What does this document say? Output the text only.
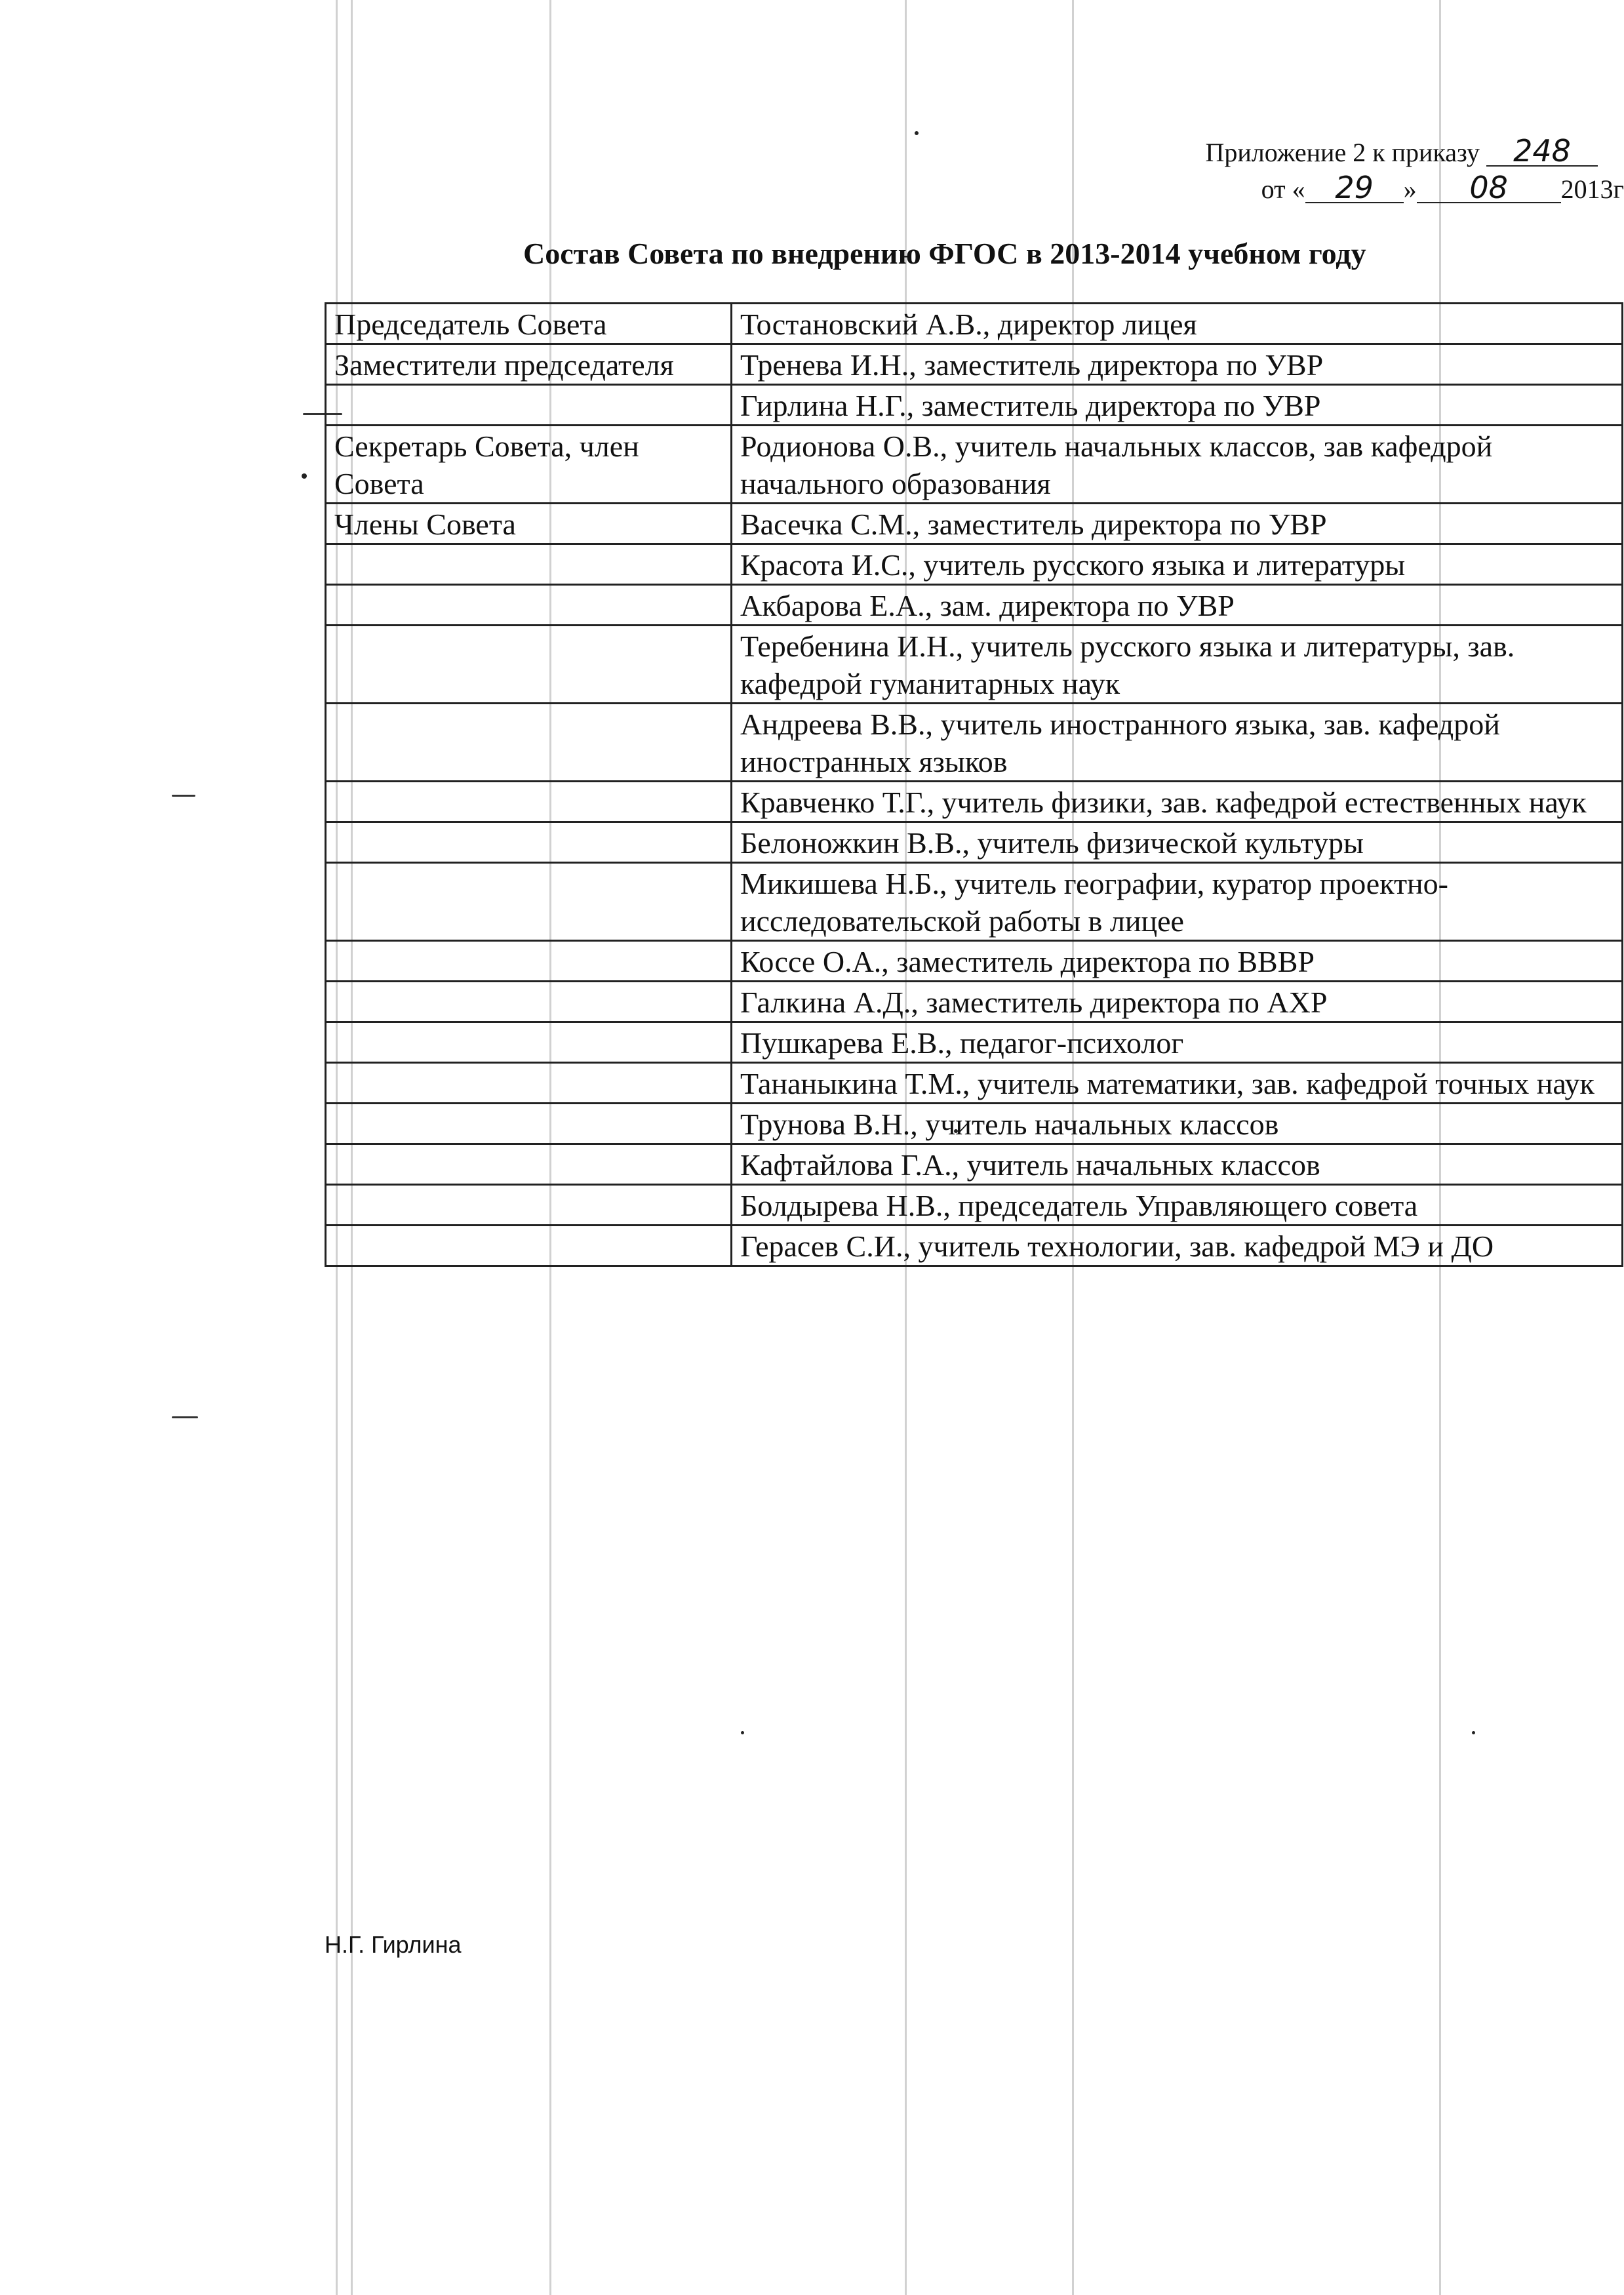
Приложение 2 к приказу 248
от « 29 » 08 2013г
Состав Совета по внедрению ФГОС в 2013-2014 учебном году
Председатель Совета	Тостановский А.В., директор лицея
Заместители председателя	Тренева И.Н., заместитель директора по УВР
	Гирлина Н.Г., заместитель директора по УВР
Секретарь Совета, член Совета	Родионова О.В., учитель начальных классов, зав кафедрой начального образования
Члены Совета	Васечка С.М., заместитель директора по УВР
	Красота И.С., учитель русского языка и литературы
	Акбарова Е.А., зам. директора по УВР
	Теребенина И.Н., учитель русского языка и литературы, зав. кафедрой гуманитарных наук
	Андреева В.В., учитель иностранного языка, зав. кафедрой иностранных языков
	Кравченко Т.Г., учитель физики, зав. кафедрой естественных наук
	Белоножкин В.В., учитель физической культуры
	Микишева Н.Б., учитель географии, куратор проектно-исследовательской работы в лицее
	Коссе О.А., заместитель директора по ВВВР
	Галкина А.Д., заместитель директора по АХР
	Пушкарева Е.В., педагог-психолог
	Тананыкина Т.М., учитель математики, зав. кафедрой точных наук
	Трунова В.Н., учитель начальных классов
	Кафтайлова Г.А., учитель начальных классов
	Болдырева Н.В., председатель Управляющего совета
	Герасев С.И., учитель технологии, зав. кафедрой МЭ и ДО
Н.Г. Гирлина
